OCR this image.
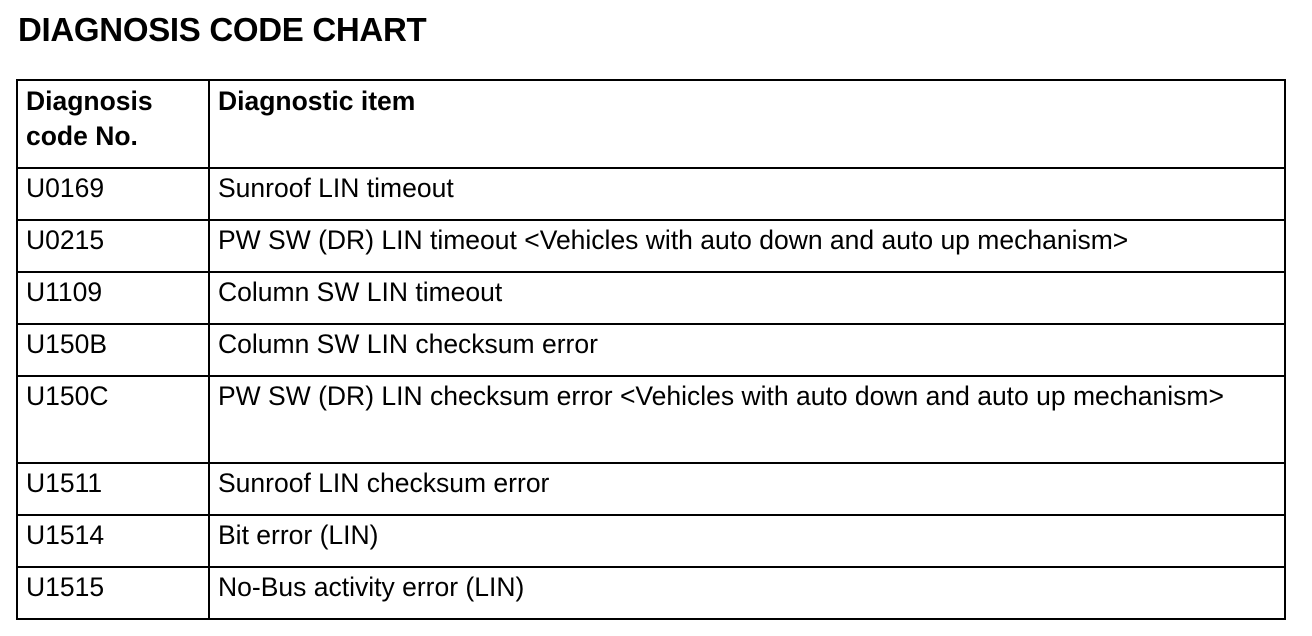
DIAGNOSIS CODE CHART
Diagnosis code No.	Diagnostic item
U0169	Sunroof LIN timeout
U0215	PW SW (DR) LIN timeout <Vehicles with auto down and auto up mechanism>
U1109	Column SW LIN timeout
U150B	Column SW LIN checksum error
U150C	PW SW (DR) LIN checksum error <Vehicles with auto down and auto up mechanism>
U1511	Sunroof LIN checksum error
U1514	Bit error (LIN)
U1515	No-Bus activity error (LIN)
